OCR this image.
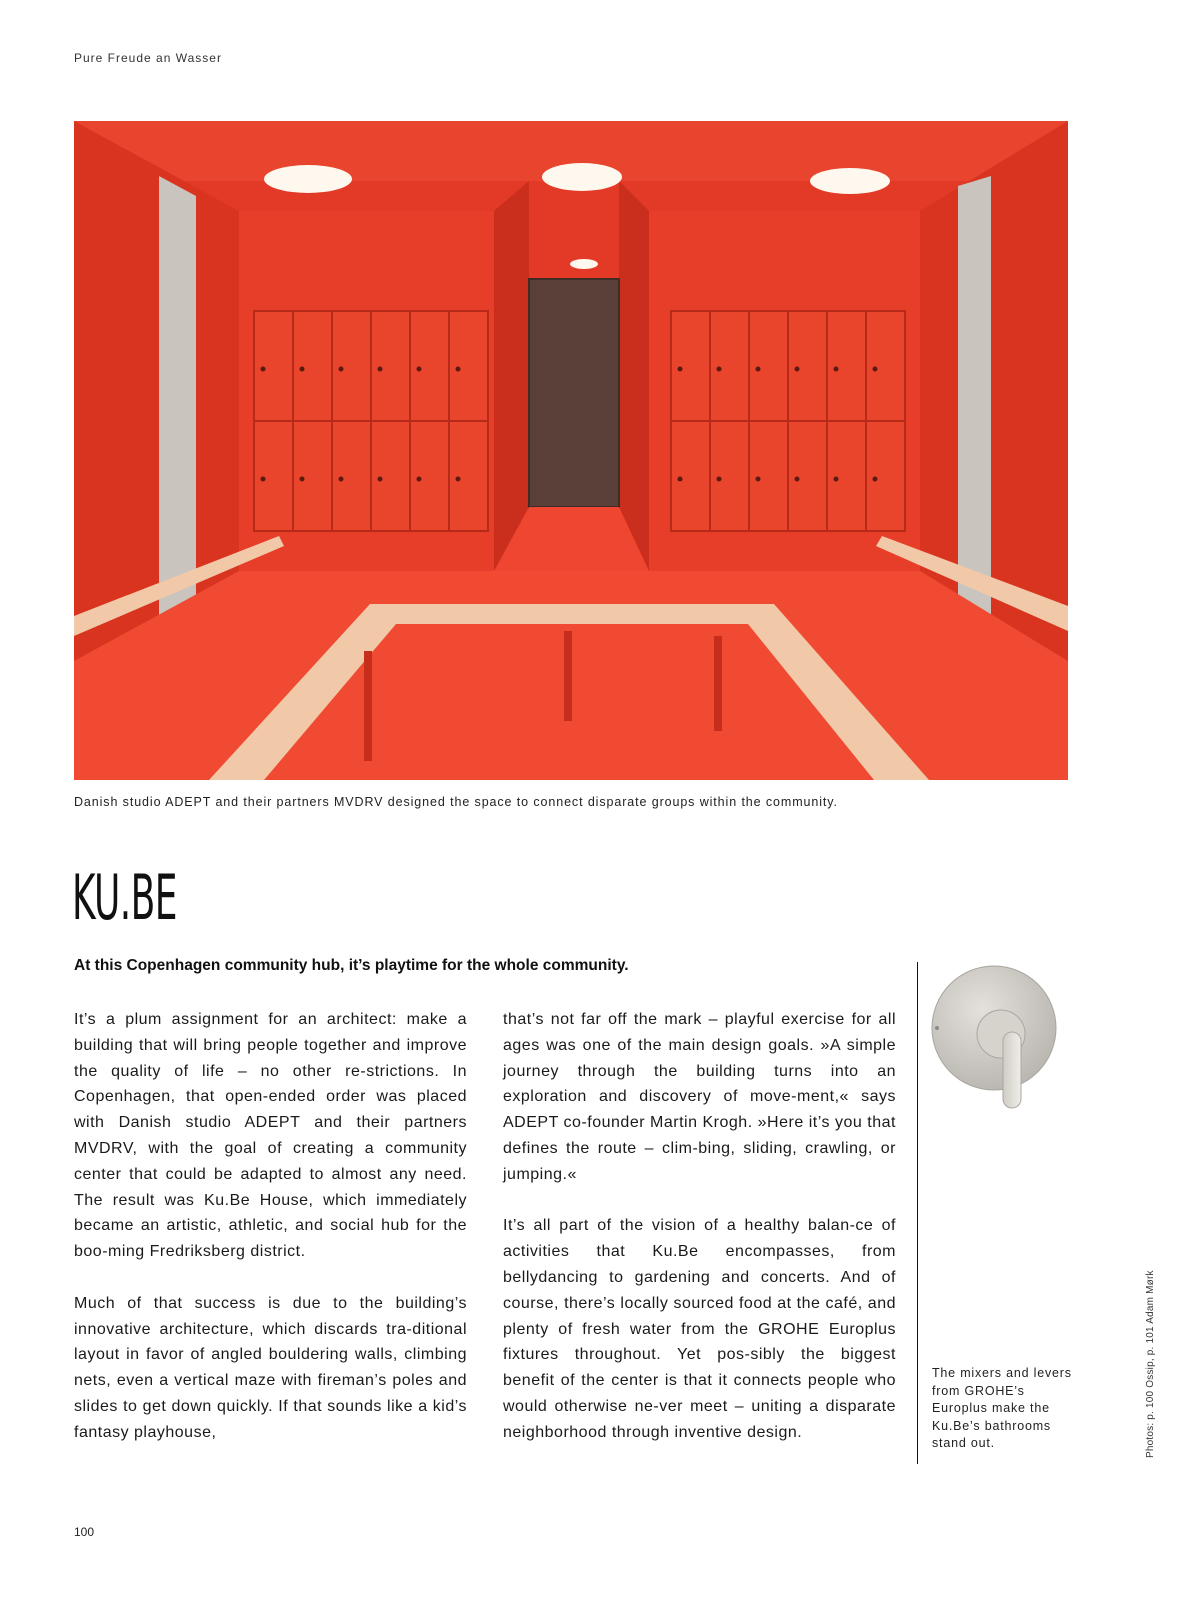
Pure Freude an Wasser
Danish studio ADEPT and their partners MVDRV designed the space to connect disparate groups within the community.
KU.BE
At this Copenhagen community hub, it’s playtime for the whole community.

It’s a plum assignment for an architect: make a building that will bring people together and improve the quality of life – no other re-strictions. In Copenhagen, that open-ended order was placed with Danish studio ADEPT and their partners MVDRV, with the goal of creating a community center that could be adapted to almost any need. The result was Ku.Be House, which immediately became an artistic, athletic, and social hub for the boo-ming Fredriksberg district.

Much of that success is due to the building’s innovative architecture, which discards tra-ditional layout in favor of angled bouldering walls, climbing nets, even a vertical maze with fireman’s poles and slides to get down quickly. If that sounds like a kid’s fantasy playhouse,

that’s not far off the mark – playful exercise for all ages was one of the main design goals. »A simple journey through the building turns into an exploration and discovery of move-ment,« says ADEPT co-founder Martin Krogh. »Here it’s you that defines the route – clim-bing, sliding, crawling, or jumping.«

It’s all part of the vision of a healthy balan-ce of activities that Ku.Be encompasses, from bellydancing to gardening and concerts. And of course, there’s locally sourced food at the café, and plenty of fresh water from the GROHE Europlus fixtures throughout. Yet pos-sibly the biggest benefit of the center is that it connects people who would otherwise ne-ver meet – uniting a disparate neighborhood through inventive design.

The mixers and levers from GROHE’s Europlus make the Ku.Be’s bathrooms stand out.	Photos: p. 100 Ossip, p. 101 Adam Mørk
100
